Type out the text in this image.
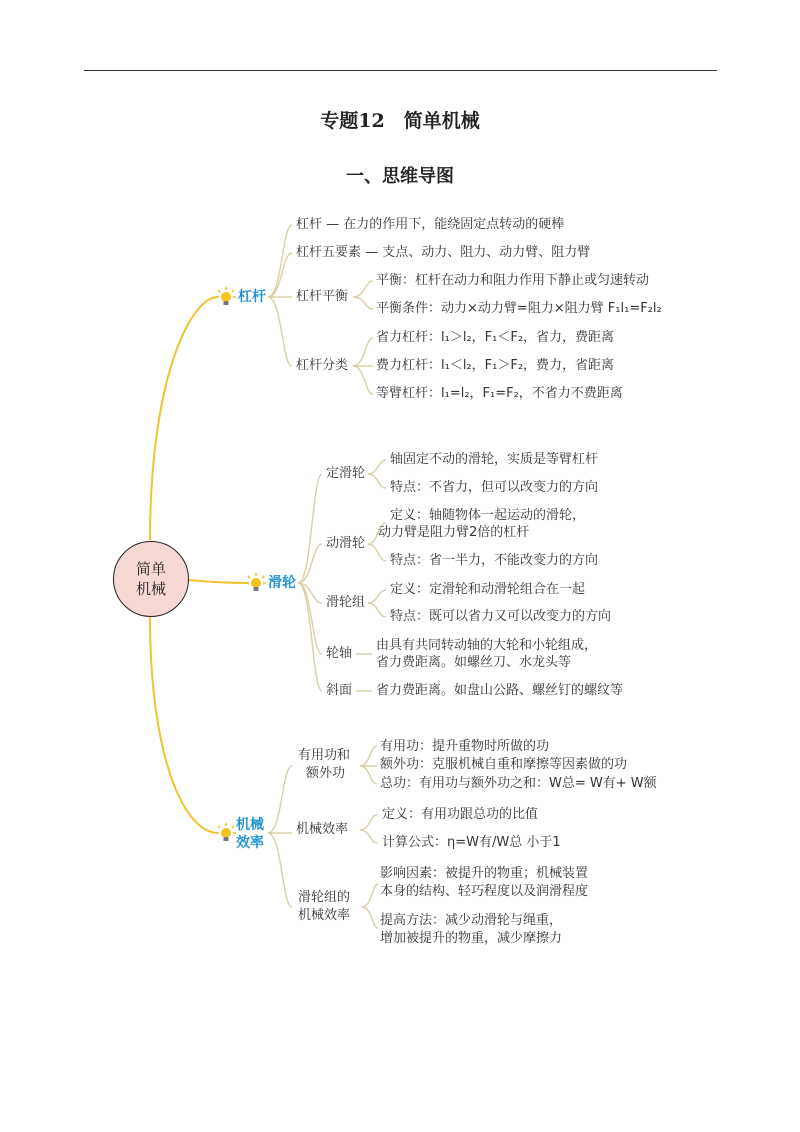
专题12　简单机械
一、思维导图
简单
机械
杠杆
杠杆 — 在力的作用下，能绕固定点转动的硬棒
杠杆五要素 — 支点、动力、阻力、动力臂、阻力臂
杠杆平衡
平衡：杠杆在动力和阻力作用下静止或匀速转动
平衡条件：动力×动力臂=阻力×阻力臂 F₁l₁=F₂l₂
杠杆分类
省力杠杆：l₁＞l₂，F₁＜F₂，省力，费距离
费力杠杆：l₁＜l₂，F₁＞F₂，费力，省距离
等臂杠杆：l₁=l₂，F₁=F₂，不省力不费距离
滑轮
定滑轮
轴固定不动的滑轮，实质是等臂杠杆
特点：不省力，但可以改变力的方向
动滑轮
定义：轴随物体一起运动的滑轮，
动力臂是阻力臂2倍的杠杆
特点：省一半力，不能改变力的方向
滑轮组
定义：定滑轮和动滑轮组合在一起
特点：既可以省力又可以改变力的方向
轮轴
由具有共同转动轴的大轮和小轮组成，
省力费距离。如螺丝刀、水龙头等
斜面 省力费距离。如盘山公路、螺丝钉的螺纹等
机械
效率
有用功和
额外功
有用功：提升重物时所做的功
额外功：克服机械自重和摩擦等因素做的功
总功：有用功与额外功之和：W总= W有+ W额
机械效率
定义：有用功跟总功的比值
计算公式：η=W有/W总 小于1
滑轮组的
机械效率
影响因素：被提升的物重；机械装置
本身的结构、轻巧程度以及润滑程度
提高方法：减少动滑轮与绳重，
增加被提升的物重，减少摩擦力
